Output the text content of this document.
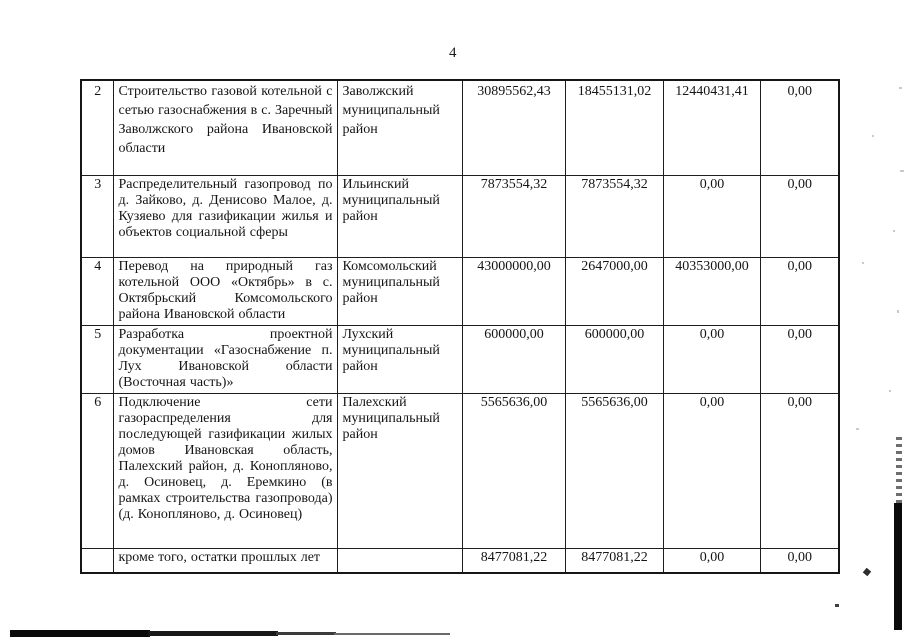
4
2	Строительство газовой котельной с сетью газоснабжения в с. Заречный Заволжского района Ивановской области	Заволжский муниципальный район	30895562,43	18455131,02	12440431,41	0,00
3	Распределительный газопровод по д. Зайково, д. Денисово Малое, д. Кузяево для газификации жилья и объектов социальной сферы	Ильинский муниципальный район	7873554,32	7873554,32	0,00	0,00
4	Перевод на природный газ котельной ООО «Октябрь» в с. Октябрьский Комсомольского района Ивановской области	Комсомольский муниципальный район	43000000,00	2647000,00	40353000,00	0,00
5	Разработка проектной документации «Газоснабжение п. Лух Ивановской области (Восточная часть)»	Лухский муниципальный район	600000,00	600000,00	0,00	0,00
6	Подключение сети газораспределения для последующей газификации жилых домов Ивановская область, Палехский район, д. Конопляново, д. Осиновец, д. Еремкино (в рамках строительства газопровода) (д. Конопляново, д. Осиновец)	Палехский муниципальный район	5565636,00	5565636,00	0,00	0,00
	кроме того, остатки прошлых лет		8477081,22	8477081,22	0,00	0,00
